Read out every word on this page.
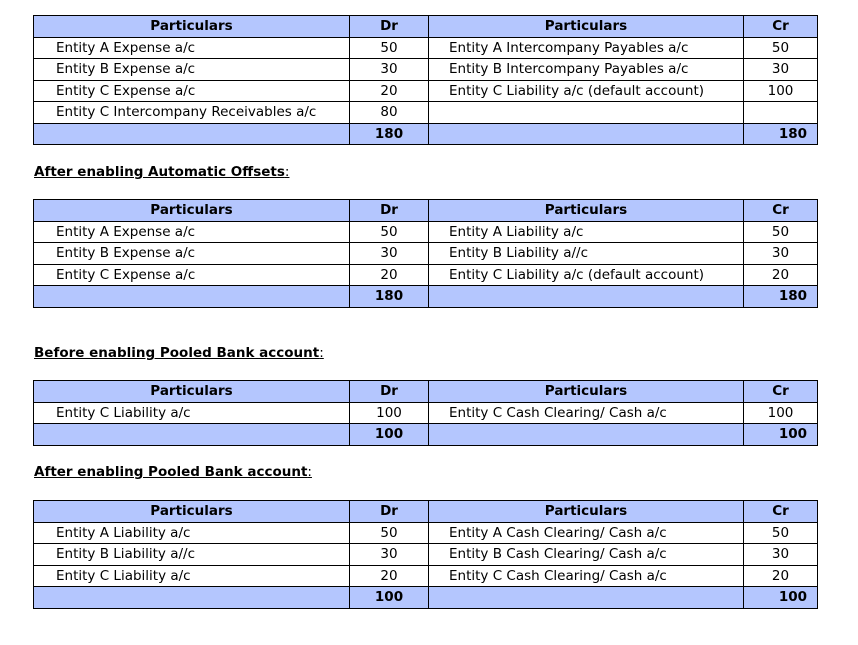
Particulars	Dr	Particulars	Cr
Entity A Expense a/c	50	Entity A Intercompany Payables a/c	50
Entity B Expense a/c	30	Entity B Intercompany Payables a/c	30
Entity C Expense a/c	20	Entity C Liability a/c (default account)	100
Entity C Intercompany Receivables a/c	80		
	180		180
After enabling Automatic Offsets:
Particulars	Dr	Particulars	Cr
Entity A Expense a/c	50	Entity A Liability a/c	50
Entity B Expense a/c	30	Entity B Liability a//c	30
Entity C Expense a/c	20	Entity C Liability a/c (default account)	20
	180		180
Before enabling Pooled Bank account:
Particulars	Dr	Particulars	Cr
Entity C Liability a/c	100	Entity C Cash Clearing/ Cash a/c	100
	100		100
After enabling Pooled Bank account:
Particulars	Dr	Particulars	Cr
Entity A Liability a/c	50	Entity A Cash Clearing/ Cash a/c	50
Entity B Liability a//c	30	Entity B Cash Clearing/ Cash a/c	30
Entity C Liability a/c	20	Entity C Cash Clearing/ Cash a/c	20
	100		100
